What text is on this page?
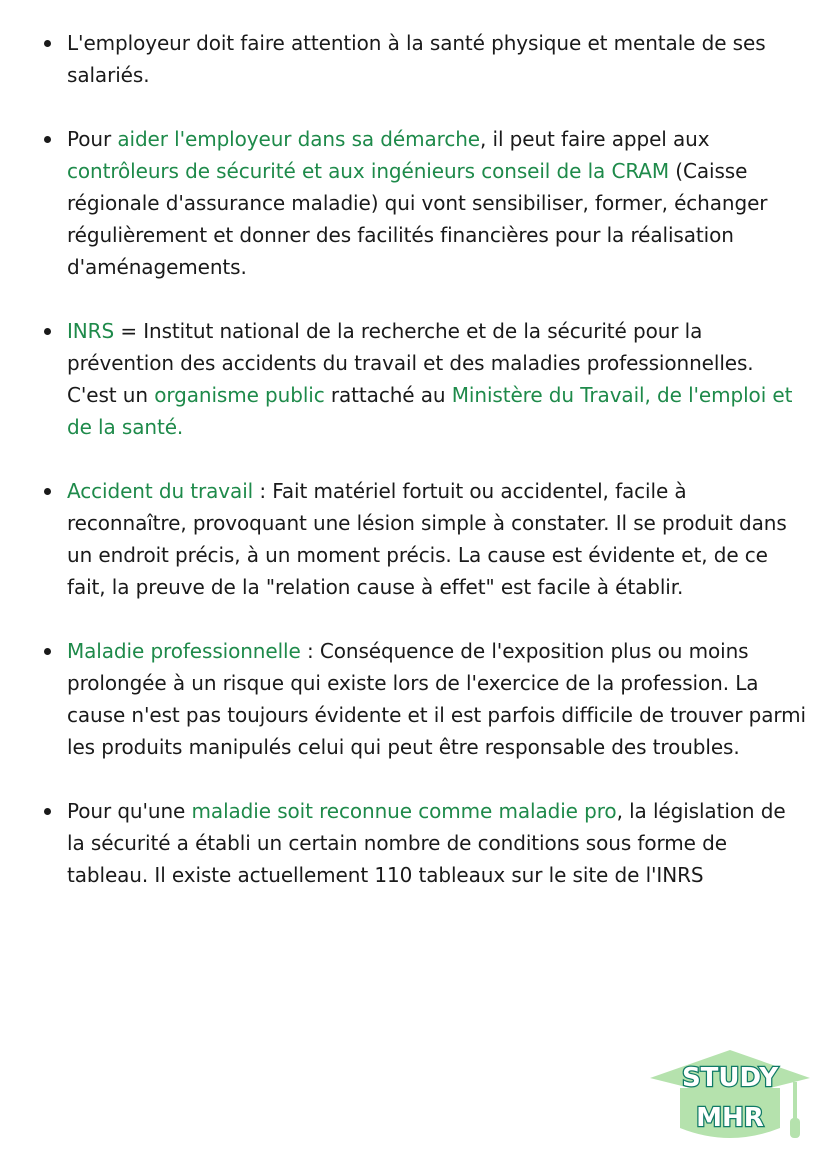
L'employeur doit faire attention à la santé physique et mentale de ses salariés.
Pour aider l'employeur dans sa démarche, il peut faire appel aux contrôleurs de sécurité et aux ingénieurs conseil de la CRAM (Caisse régionale d'assurance maladie) qui vont sensibiliser, former, échanger régulièrement et donner des facilités financières pour la réalisation d'aménagements.
INRS = Institut national de la recherche et de la sécurité pour la prévention des accidents du travail et des maladies professionnelles. C'est un organisme public rattaché au Ministère du Travail, de l'emploi et de la santé.
Accident du travail : Fait matériel fortuit ou accidentel, facile à reconnaître, provoquant une lésion simple à constater. Il se produit dans un endroit précis, à un moment précis. La cause est évidente et, de ce fait, la preuve de la "relation cause à effet" est facile à établir.
Maladie professionnelle : Conséquence de l'exposition plus ou moins prolongée à un risque qui existe lors de l'exercice de la profession. La cause n'est pas toujours évidente et il est parfois difficile de trouver parmi les produits manipulés celui qui peut être responsable des troubles.
Pour qu'une maladie soit reconnue comme maladie pro, la législation de la sécurité a établi un certain nombre de conditions sous forme de tableau. Il existe actuellement 110 tableaux sur le site de l'INRS
STUDY
MHR
